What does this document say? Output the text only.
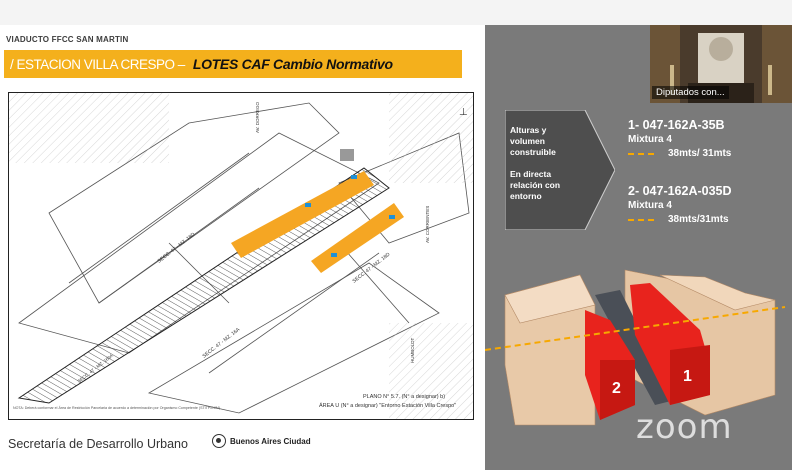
VIADUCTO FFCC SAN MARTIN
/ ESTACION VILLA CRESPO – LOTES CAF Cambio Normativo
SECC. 47 - MZ. 18D
SECC. 47 - MZ. 18D
SECC. 47 - MZ. 16A
SECC. 47 - MZ. 160A
AV. CORRIENTES
HUMBOLDT
AV. DORREGO	⊥
PLANO N° 5.7. (N° a designar) b)
ÁREA U (N° a designar) "Entorno Estación Villa Crespo"
NOTA: Deberá conformar el Área de Restricción Parcelaria de acuerdo a determinación por Organismo Competente (STITP/INIM)
Secretaría de Desarrollo Urbano	Buenos Aires Ciudad
Alturas y
volumen
construible
En directa
relación con
entorno
1- 047-162A-35B
Mixtura 4
38mts/ 31mts
2- 047-162A-035D
Mixtura 4
38mts/31mts
2
1
Diputados con...
zoom
